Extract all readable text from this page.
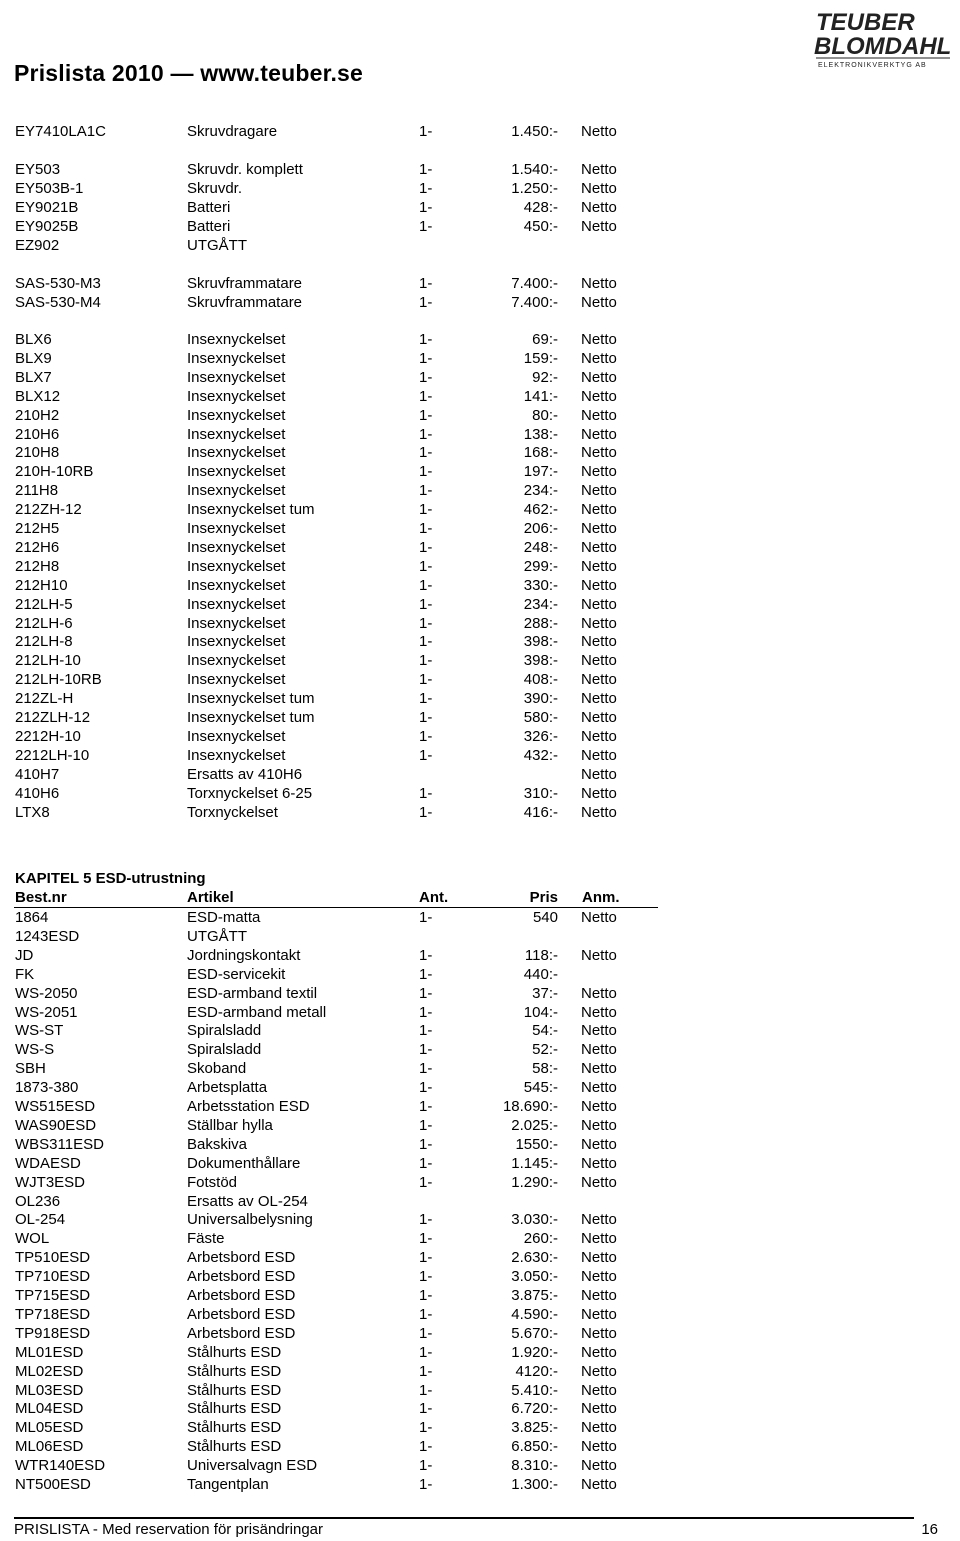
Prislista 2010 — www.teuber.se
TEUBER
BLOMDAHL
ELEKTRONIKVERKTYG AB
EY7410LA1C	Skruvdragare	1-	1.450:- Netto
EY503	Skruvdr. komplett	1-	1.540:- Netto
EY503B-1	Skruvdr.	1-	1.250:- Netto
EY9021B	Batteri	1-	428:- Netto
EY9025B	Batteri	1-	450:- Netto
EZ902	UTGÅTT
SAS-530-M3	Skruvframmatare	1-	7.400:- Netto
SAS-530-M4	Skruvframmatare	1-	7.400:- Netto
BLX6	Insexnyckelset	1-	69:- Netto
BLX9	Insexnyckelset	1-	159:- Netto
BLX7	Insexnyckelset	1-	92:- Netto
BLX12	Insexnyckelset	1-	141:- Netto
210H2	Insexnyckelset	1-	80:- Netto
210H6	Insexnyckelset	1-	138:- Netto
210H8	Insexnyckelset	1-	168:- Netto
210H-10RB	Insexnyckelset	1-	197:- Netto
211H8	Insexnyckelset	1-	234:- Netto
212ZH-12	Insexnyckelset tum	1-	462:- Netto
212H5	Insexnyckelset	1-	206:- Netto
212H6	Insexnyckelset	1-	248:- Netto
212H8	Insexnyckelset	1-	299:- Netto
212H10	Insexnyckelset	1-	330:- Netto
212LH-5	Insexnyckelset	1-	234:- Netto
212LH-6	Insexnyckelset	1-	288:- Netto
212LH-8	Insexnyckelset	1-	398:- Netto
212LH-10	Insexnyckelset	1-	398:- Netto
212LH-10RB	Insexnyckelset	1-	408:- Netto
212ZL-H	Insexnyckelset tum	1-	390:- Netto
212ZLH-12	Insexnyckelset tum	1-	580:- Netto
2212H-10	Insexnyckelset	1-	326:- Netto
2212LH-10	Insexnyckelset	1-	432:- Netto
410H7	Ersatts av 410H6	Netto
410H6	Torxnyckelset 6-25	1-	310:- Netto
LTX8	Torxnyckelset	1-	416:- Netto
KAPITEL 5 ESD-utrustning
Best.nr	Artikel	Ant.	Pris Anm.
1864	ESD-matta	1-	540 Netto
1243ESD	UTGÅTT
JD	Jordningskontakt	1-	118:- Netto
FK	ESD-servicekit	1-	440:-
WS-2050	ESD-armband textil	1-	37:- Netto
WS-2051	ESD-armband metall	1-	104:- Netto
WS-ST	Spiralsladd	1-	54:- Netto
WS-S	Spiralsladd	1-	52:- Netto
SBH	Skoband	1-	58:- Netto
1873-380	Arbetsplatta	1-	545:- Netto
WS515ESD	Arbetsstation ESD	1-	18.690:- Netto
WAS90ESD	Ställbar hylla	1-	2.025:- Netto
WBS311ESD	Bakskiva	1-	1550:- Netto
WDAESD	Dokumenthållare	1-	1.145:- Netto
WJT3ESD	Fotstöd	1-	1.290:- Netto
OL236	Ersatts av OL-254
OL-254	Universalbelysning	1-	3.030:- Netto
WOL	Fäste	1-	260:- Netto
TP510ESD	Arbetsbord ESD	1-	2.630:- Netto
TP710ESD	Arbetsbord ESD	1-	3.050:- Netto
TP715ESD	Arbetsbord ESD	1-	3.875:- Netto
TP718ESD	Arbetsbord ESD	1-	4.590:- Netto
TP918ESD	Arbetsbord ESD	1-	5.670:- Netto
ML01ESD	Stålhurts ESD	1-	1.920:- Netto
ML02ESD	Stålhurts ESD	1-	4120:- Netto
ML03ESD	Stålhurts ESD	1-	5.410:- Netto
ML04ESD	Stålhurts ESD	1-	6.720:- Netto
ML05ESD	Stålhurts ESD	1-	3.825:- Netto
ML06ESD	Stålhurts ESD	1-	6.850:- Netto
WTR140ESD	Universalvagn ESD	1-	8.310:- Netto
NT500ESD	Tangentplan	1-	1.300:- Netto
PRISLISTA - Med reservation för prisändringar	16
